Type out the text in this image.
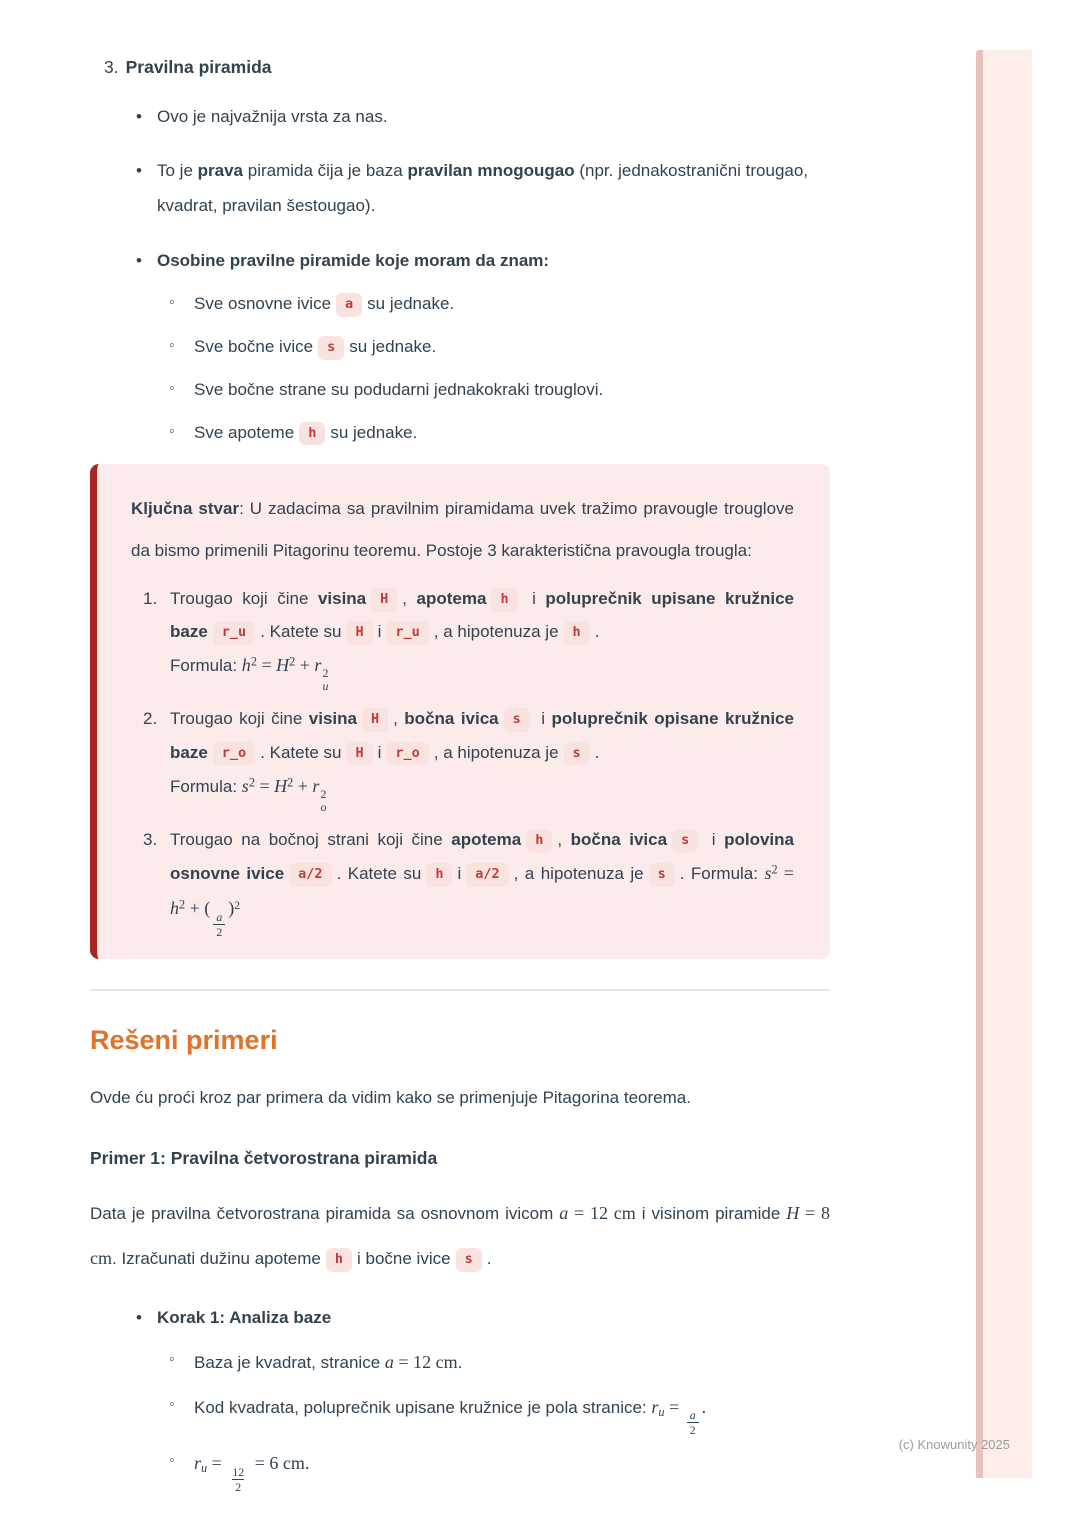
3. Pravilna piramida
• Ovo je najvažnija vrsta za nas.
• To je prava piramida čija je baza pravilan mnogougao (npr. jednakostranični trougao, kvadrat, pravilan šestougao).
• Osobine pravilne piramide koje moram da znam:
◦ Sve osnovne ivice a su jednake.
◦ Sve bočne ivice s su jednake.
◦ Sve bočne strane su podudarni jednakokraki trouglovi.
◦ Sve apoteme h su jednake.

Ključna stvar: U zadacima sa pravilnim piramidama uvek tražimo pravougle trouglove da bismo primenili Pitagorinu teoremu. Postoje 3 karakteristična pravougla trougla:

1. Trougao koji čine visina H , apotema h i poluprečnik upisane kružnice baze r_u . Katete su H i r_u , a hipotenuza je h .
Formula: $h^2 = H^2 + r$ 2
u
2. Trougao koji čine visina H , bočna ivica s i poluprečnik opisane kružnice baze r_o . Katete su H i r_o , a hipotenuza je s .
Formula: $s^2 = H^2 + r$ 2
o
3. Trougao na bočnoj strani koji čine apotema h , bočna ivica s i polovina osnovne ivice a/2 . Katete su h i a/2 , a hipotenuza je s . Formula: $s^2 = h^2$ + (
$\frac{a}{2}$
)$^2$
Rešeni primeri

Ovde ću proći kroz par primera da vidim kako se primenjuje Pitagorina teorema.

Primer 1: Pravilna četvorostrana piramida

Data je pravilna četvorostrana piramida sa osnovnom ivicom a = 12 cm i visinom piramide H = 8 cm. Izračunati dužinu apoteme h i bočne ivice s .

• Korak 1: Analiza baze
◦ Baza je kvadrat, stranice a = 12 cm.
◦ Kod kvadrata, poluprečnik upisane kružnice je pola stranice: $r_u$ =
$\frac{a}{2}$
.
◦ $r_u$ =
$\frac{12}{2}$
= 6 cm.
(c) Knowunity 2025
